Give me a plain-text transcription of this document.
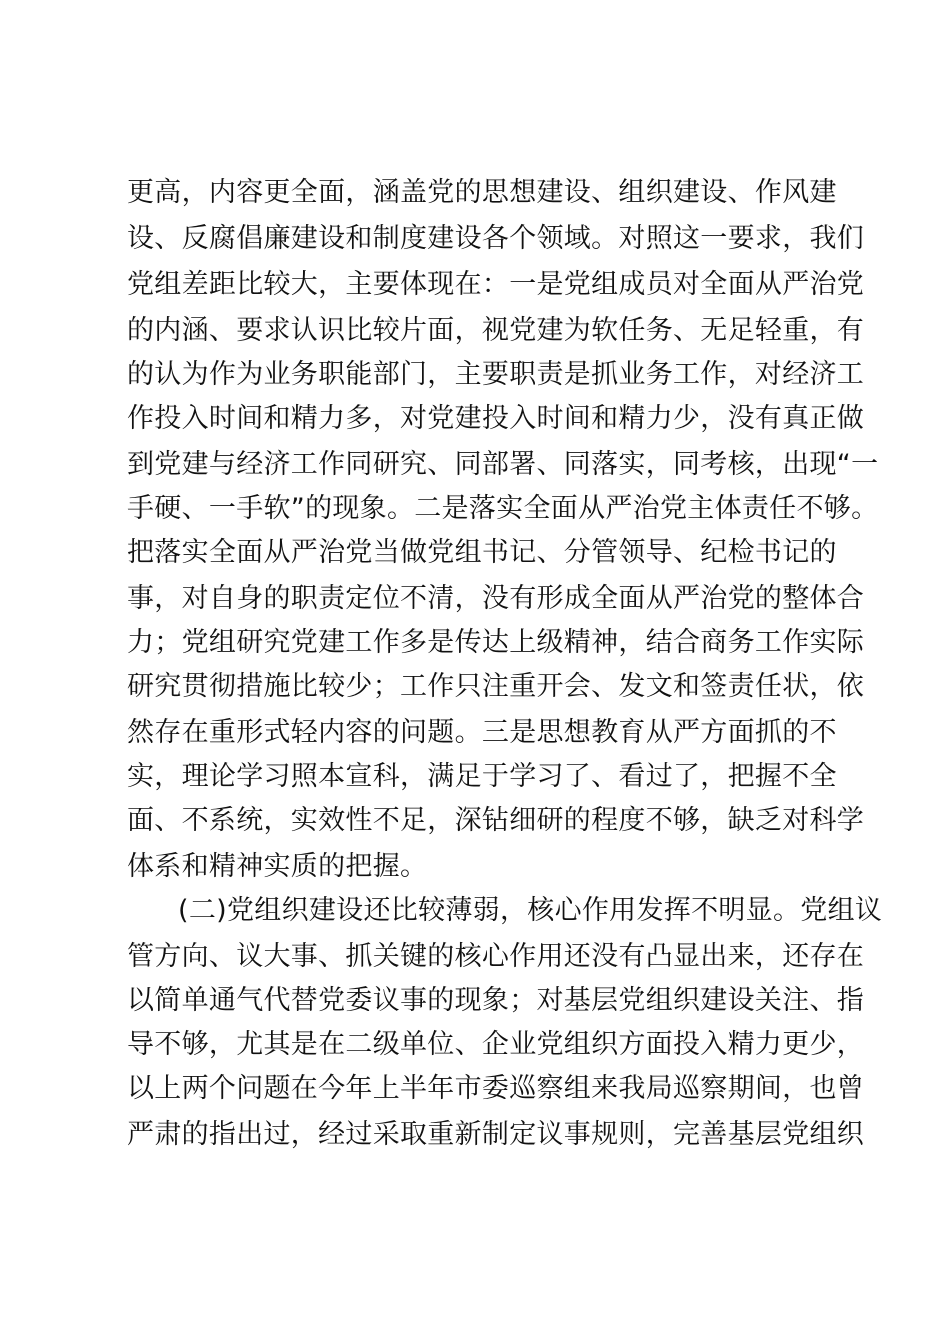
更高，内容更全面，涵盖党的思想建设、组织建设、作风建

设、反腐倡廉建设和制度建设各个领域。对照这一要求，我们

党组差距比较大，主要体现在：一是党组成员对全面从严治党

的内涵、要求认识比较片面，视党建为软任务、无足轻重，有

的认为作为业务职能部门，主要职责是抓业务工作，对经济工

作投入时间和精力多，对党建投入时间和精力少，没有真正做

到党建与经济工作同研究、同部署、同落实，同考核，出现“一

手硬、一手软”的现象。二是落实全面从严治党主体责任不够。

把落实全面从严治党当做党组书记、分管领导、纪检书记的

事，对自身的职责定位不清，没有形成全面从严治党的整体合

力；党组研究党建工作多是传达上级精神，结合商务工作实际

研究贯彻措施比较少；工作只注重开会、发文和签责任状，依

然存在重形式轻内容的问题。三是思想教育从严方面抓的不

实，理论学习照本宣科，满足于学习了、看过了，把握不全

面、不系统，实效性不足，深钻细研的程度不够，缺乏对科学

体系和精神实质的把握。

(二)党组织建设还比较薄弱，核心作用发挥不明显。党组议

管方向、议大事、抓关键的核心作用还没有凸显出来，还存在

以简单通气代替党委议事的现象；对基层党组织建设关注、指

导不够，尤其是在二级单位、企业党组织方面投入精力更少，

以上两个问题在今年上半年市委巡察组来我局巡察期间，也曾

严肃的指出过，经过采取重新制定议事规则，完善基层党组织
